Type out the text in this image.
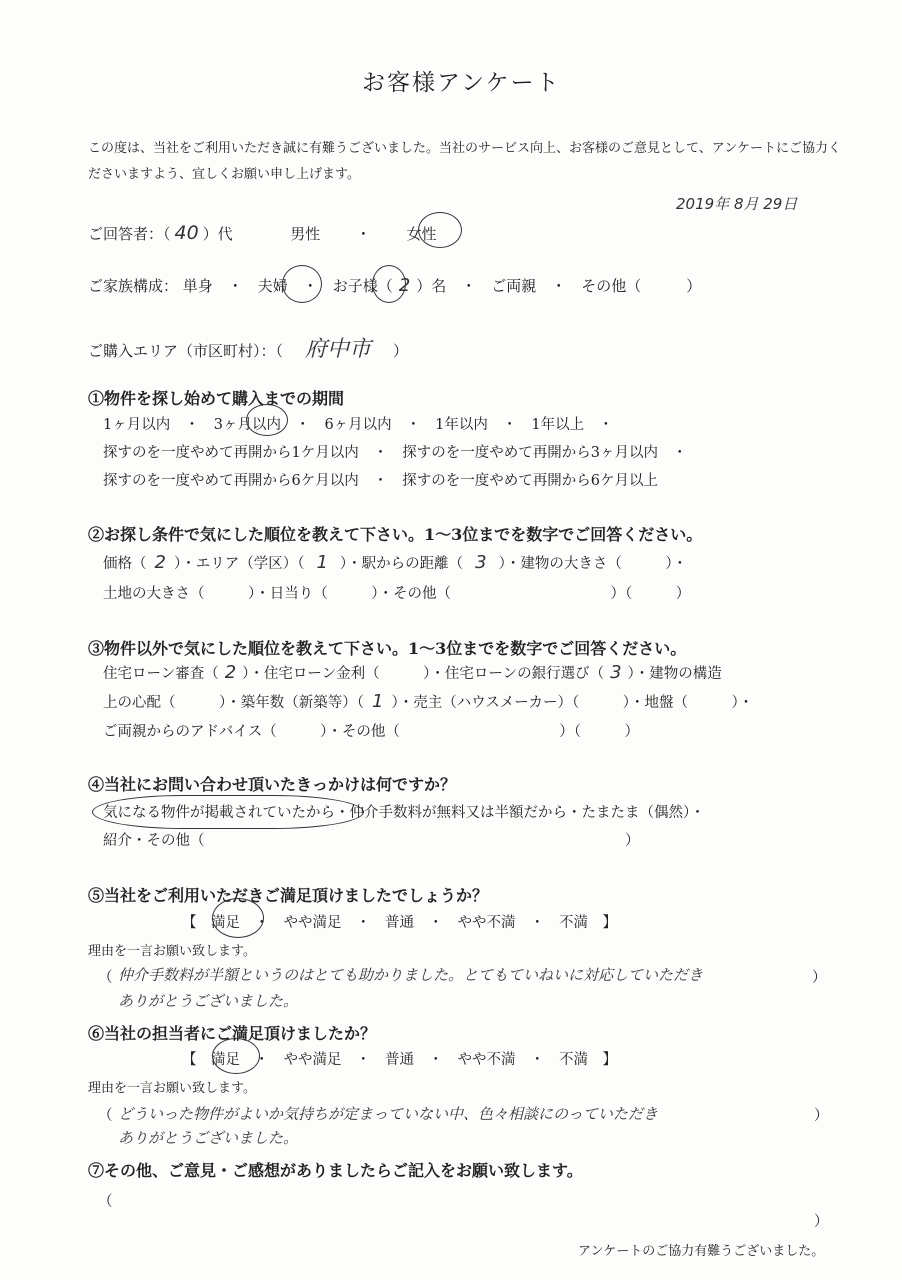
お客様アンケート
この度は、当社をご利用いただき誠に有難うございました。当社のサービス向上、お客様のご意見として、アンケートにご協力くださいますよう、宜しくお願い申し上げます。
2019年 8月 29日
ご回答者：（ 40 ）代	男性 ・ 女性
ご家族構成： 単身　・　夫婦　・　お子様（ 2 ）名　・　ご両親　・　その他（　　　）
ご購入エリア（市区町村）：（ 府中市 ）
①物件を探し始めて購入までの期間
1ヶ月以内　・　3ヶ月以内　・　6ヶ月以内　・　1年以内　・　1年以上　・
探すのを一度やめて再開から1ケ月以内　・　探すのを一度やめて再開から3ヶ月以内　・
探すのを一度やめて再開から6ケ月以内　・　探すのを一度やめて再開から6ケ月以上
②お探し条件で気にした順位を教えて下さい。1～3位までを数字でご回答ください。
価格（ 2 ）・エリア（学区）（ 1 ）・駅からの距離（ 3 ）・建物の大きさ（　　　）・
土地の大きさ（　　　）・日当り（　　　）・その他（　　　　　　　　　　　）（　　　）
③物件以外で気にした順位を教えて下さい。1～3位までを数字でご回答ください。
住宅ローン審査（ 2 ）・住宅ローン金利（　　　）・住宅ローンの銀行選び（ 3 ）・建物の構造
上の心配（　　　）・築年数（新築等）（ 1 ）・売主（ハウスメーカー）（　　　）・地盤（　　　）・
ご両親からのアドバイス（　　　）・その他（　　　　　　　　　　　）（　　　）
④当社にお問い合わせ頂いたきっかけは何ですか？
気になる物件が掲載されていたから・仲介手数料が無料又は半額だから・たまたま（偶然）・
紹介・その他（　　　　　　　　　　　　　　　　　　　　　　　　　　　　　）
⑤当社をご利用いただきご満足頂けましたでしょうか？
【　満足　・　やや満足　・　普通　・　やや不満　・　不満　】
理由を一言お願い致します。
（ 仲介手数料が半額というのはとても助かりました。とてもていねいに対応していただき	）
ありがとうございました。
⑥当社の担当者にご満足頂けましたか？
【　満足　・　やや満足　・　普通　・　やや不満　・　不満　】
理由を一言お願い致します。
（ どういった物件がよいか気持ちが定まっていない中、色々相談にのっていただき	）
ありがとうございました。
⑦その他、ご意見・ご感想がありましたらご記入をお願い致します。
（
）
アンケートのご協力有難うございました。
